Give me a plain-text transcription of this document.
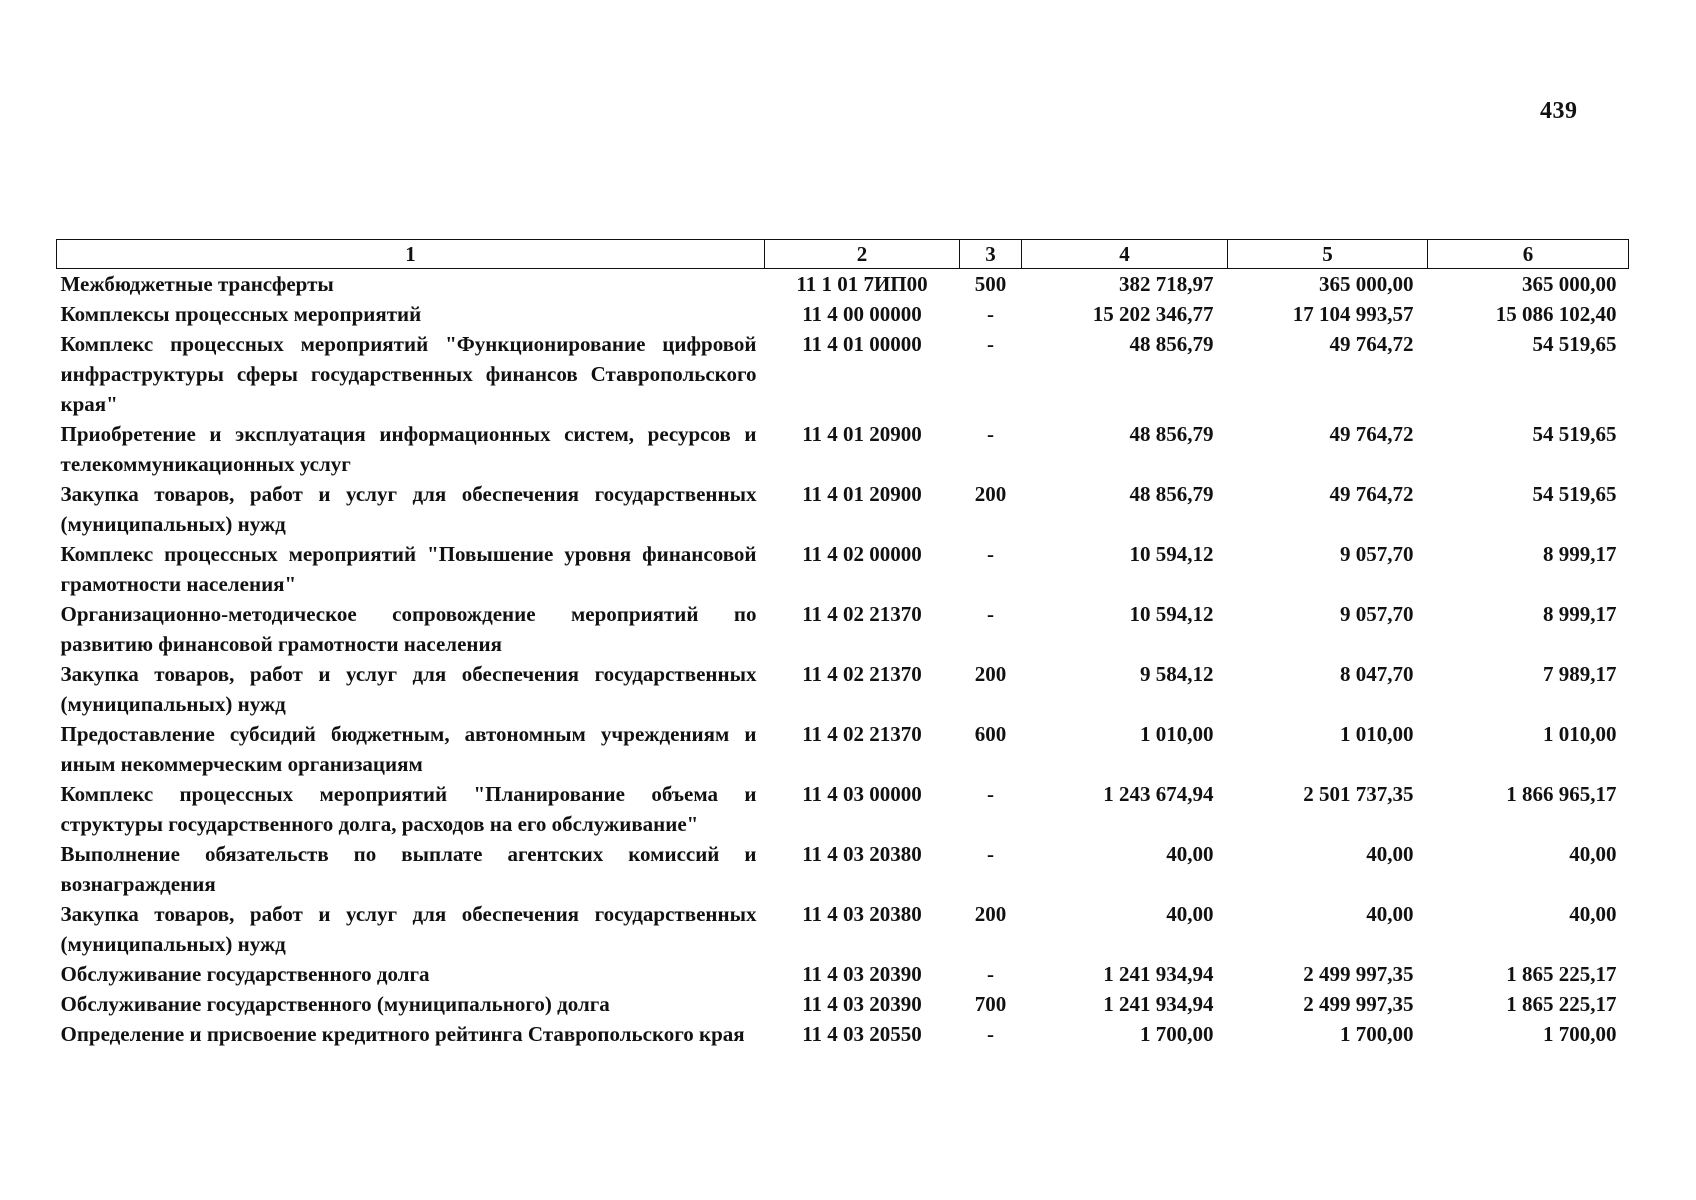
439
1	2	3	4	5	6
Межбюджетные трансферты	11 1 01 7ИП00	500	382 718,97	365 000,00	365 000,00
Комплексы процессных мероприятий	11 4 00 00000	-	15 202 346,77	17 104 993,57	15 086 102,40
Комплекс процессных мероприятий "Функционирование цифровой инфраструктуры сферы государственных финансов Ставропольского края"	11 4 01 00000	-	48 856,79	49 764,72	54 519,65
Приобретение и эксплуатация информационных систем, ресурсов и телекоммуникационных услуг	11 4 01 20900	-	48 856,79	49 764,72	54 519,65
Закупка товаров, работ и услуг для обеспечения государственных (муниципальных) нужд	11 4 01 20900	200	48 856,79	49 764,72	54 519,65
Комплекс процессных мероприятий "Повышение уровня финансовой грамотности населения"	11 4 02 00000	-	10 594,12	9 057,70	8 999,17
Организационно-методическое сопровождение мероприятий по развитию финансовой грамотности населения	11 4 02 21370	-	10 594,12	9 057,70	8 999,17
Закупка товаров, работ и услуг для обеспечения государственных (муниципальных) нужд	11 4 02 21370	200	9 584,12	8 047,70	7 989,17
Предоставление субсидий бюджетным, автономным учреждениям и иным некоммерческим организациям	11 4 02 21370	600	1 010,00	1 010,00	1 010,00
Комплекс процессных мероприятий "Планирование объема и структуры государственного долга, расходов на его обслуживание"	11 4 03 00000	-	1 243 674,94	2 501 737,35	1 866 965,17
Выполнение обязательств по выплате агентских комиссий и вознаграждения	11 4 03 20380	-	40,00	40,00	40,00
Закупка товаров, работ и услуг для обеспечения государственных (муниципальных) нужд	11 4 03 20380	200	40,00	40,00	40,00
Обслуживание государственного долга	11 4 03 20390	-	1 241 934,94	2 499 997,35	1 865 225,17
Обслуживание государственного (муниципального) долга	11 4 03 20390	700	1 241 934,94	2 499 997,35	1 865 225,17
Определение и присвоение кредитного рейтинга Ставропольского края	11 4 03 20550	-	1 700,00	1 700,00	1 700,00
